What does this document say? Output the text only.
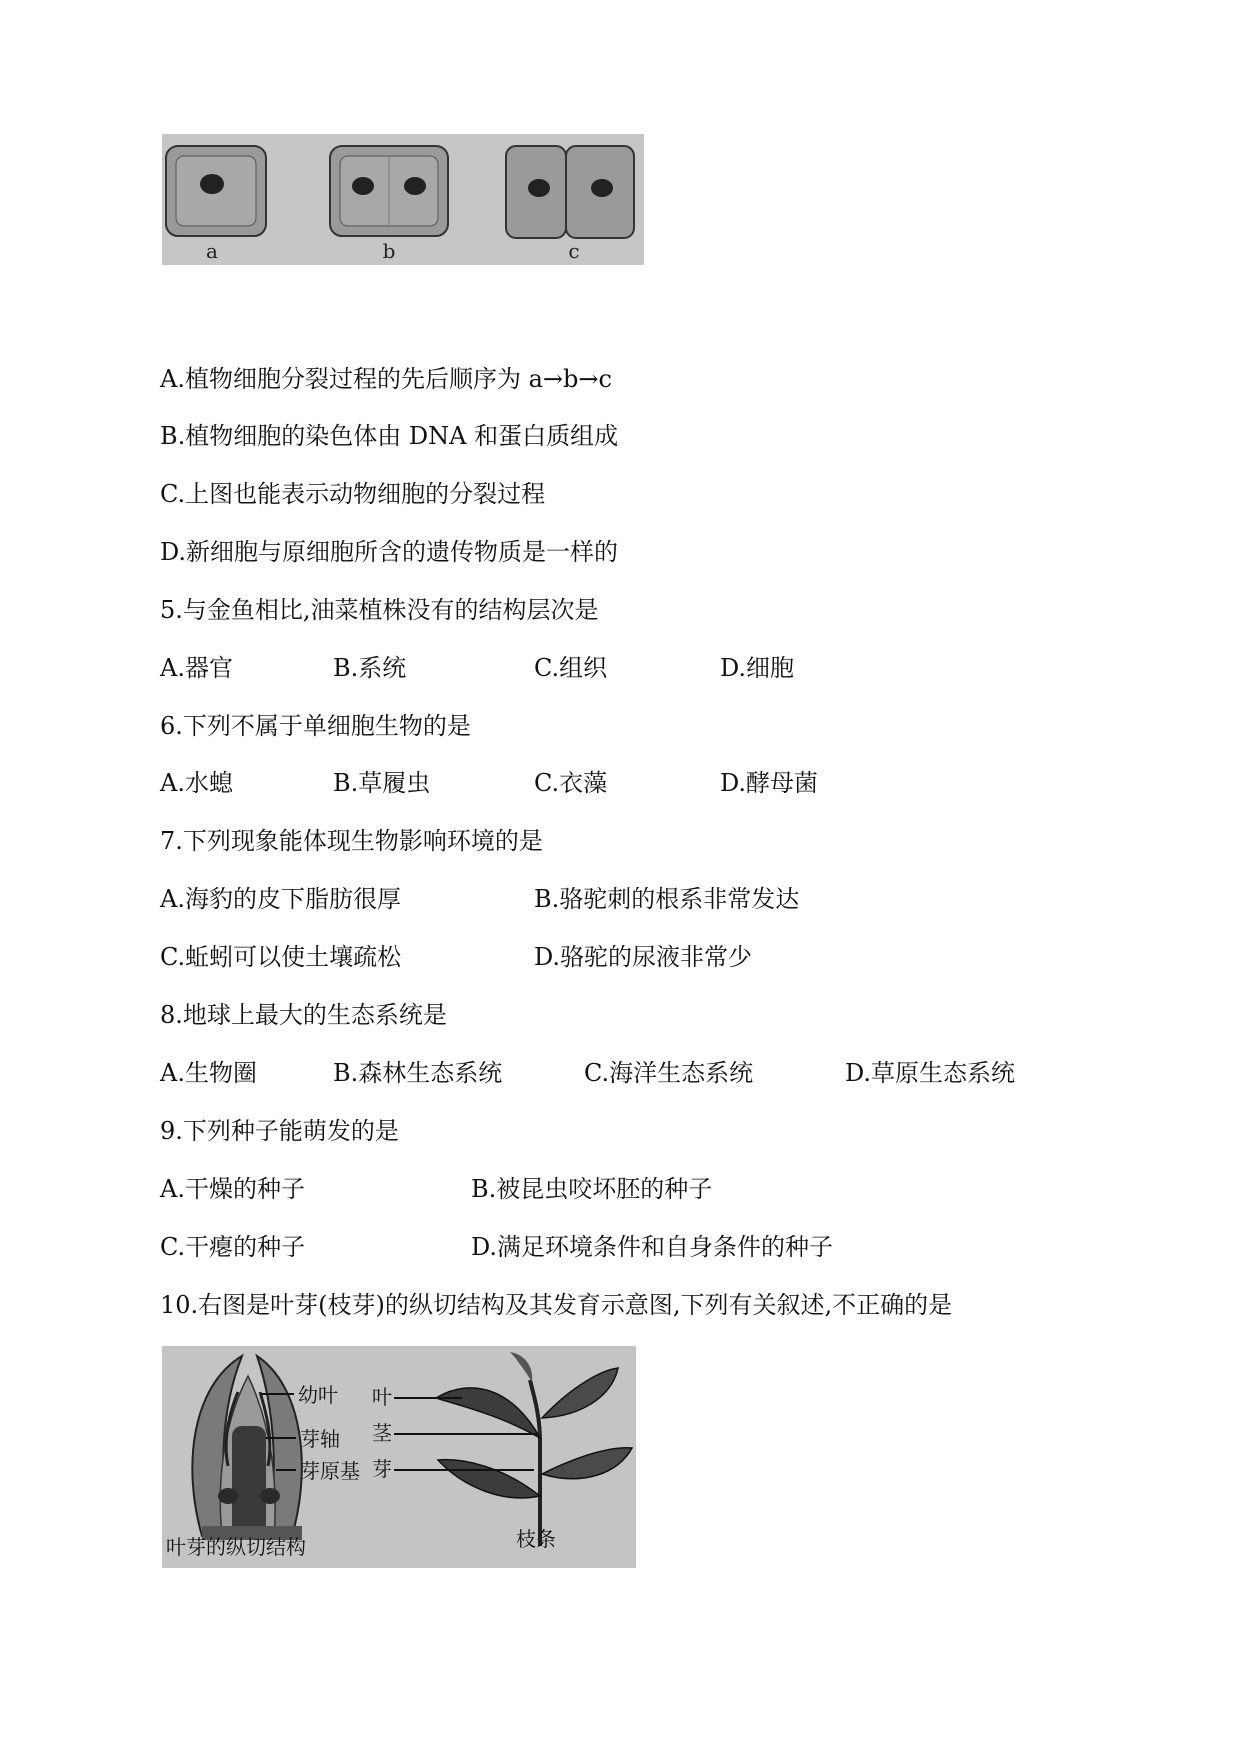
a	b	c
A.植物细胞分裂过程的先后顺序为 a→b→c
B.植物细胞的染色体由 DNA 和蛋白质组成
C.上图也能表示动物细胞的分裂过程
D.新细胞与原细胞所含的遗传物质是一样的
5.与金鱼相比,油菜植株没有的结构层次是
A.器官	B.系统	C.组织	D.细胞
6.下列不属于单细胞生物的是
A.水螅	B.草履虫	C.衣藻	D.酵母菌
7.下列现象能体现生物影响环境的是
A.海豹的皮下脂肪很厚	B.骆驼刺的根系非常发达
C.蚯蚓可以使土壤疏松	D.骆驼的尿液非常少
8.地球上最大的生态系统是
A.生物圈	B.森林生态系统	C.海洋生态系统	D.草原生态系统
9.下列种子能萌发的是
A.干燥的种子	B.被昆虫咬坏胚的种子
C.干瘪的种子	D.满足环境条件和自身条件的种子
10.右图是叶芽(枝芽)的纵切结构及其发育示意图,下列有关叙述,不正确的是
幼叶
芽轴
芽原基
叶
茎
芽
叶芽的纵切结构	枝条
